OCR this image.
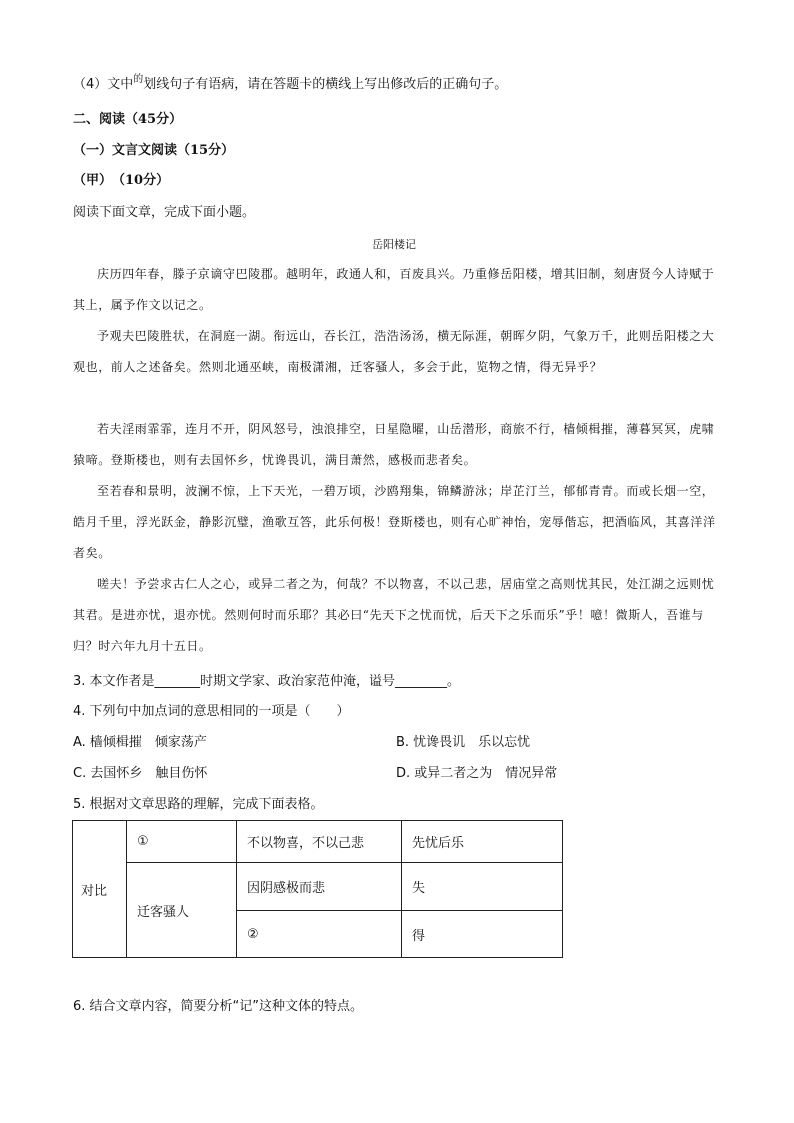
（4）文中$^的$划线句子有语病，请在答题卡的横线上写出修改后的正确句子。
二、阅读（45分）
（一）文言文阅读（15分）
（甲）　（10分）
阅读下面文章，完成下面小题。
岳阳楼记
庆历四年春，滕子京谪守巴陵郡。越明年，政通人和，百废具兴。乃重修岳阳楼，增其旧制，刻唐贤今人诗赋于其上，属予作文以记之。
予观夫巴陵胜状，在洞庭一湖。衔远山，吞长江，浩浩汤汤，横无际涯，朝晖夕阴，气象万千，此则岳阳楼之大观也，前人之述备矣。然则北通巫峡，南极潇湘，迁客骚人，多会于此，览物之情，得无异乎？
若夫淫雨霏霏，连月不开，阴风怒号，浊浪排空，日星隐曜，山岳潜形，商旅不行，樯倾楫摧，薄暮冥冥，虎啸猿啼。登斯楼也，则有去国怀乡，忧谗畏讥，满目萧然，感极而悲者矣。
至若春和景明，波澜不惊，上下天光，一碧万顷，沙鸥翔集，锦鳞游泳；岸芷汀兰，郁郁青青。而或长烟一空，皓月千里，浮光跃金，静影沉璧，渔歌互答，此乐何极！登斯楼也，则有心旷神怡，宠辱偕忘，把酒临风，其喜洋洋者矣。
嗟夫！予尝求古仁人之心，或异二者之为，何哉？不以物喜，不以己悲，居庙堂之高则忧其民，处江湖之远则忧其君。是进亦忧，退亦忧。然则何时而乐耶？其必曰“先天下之忧而忧，后天下之乐而乐”乎！噫！微斯人，吾谁与归？时六年九月十五日。
3. 本文作者是_______时期文学家、政治家范仲淹，谥号________。
4. 下列句中加点词的意思相同的一项是（　　）
A. 樯倾楫摧　倾家荡产	B. 忧谗畏讥　乐以忘忧
C. 去国怀乡　触目伤怀	D. 或异二者之为　情况异常
5. 根据对文章思路的理解，完成下面表格。
对比	①	不以物喜，不以己悲	先忧后乐
	迁客骚人	因阴感极而悲	失
		②	得
6. 结合文章内容，简要分析“记”这种文体的特点。
